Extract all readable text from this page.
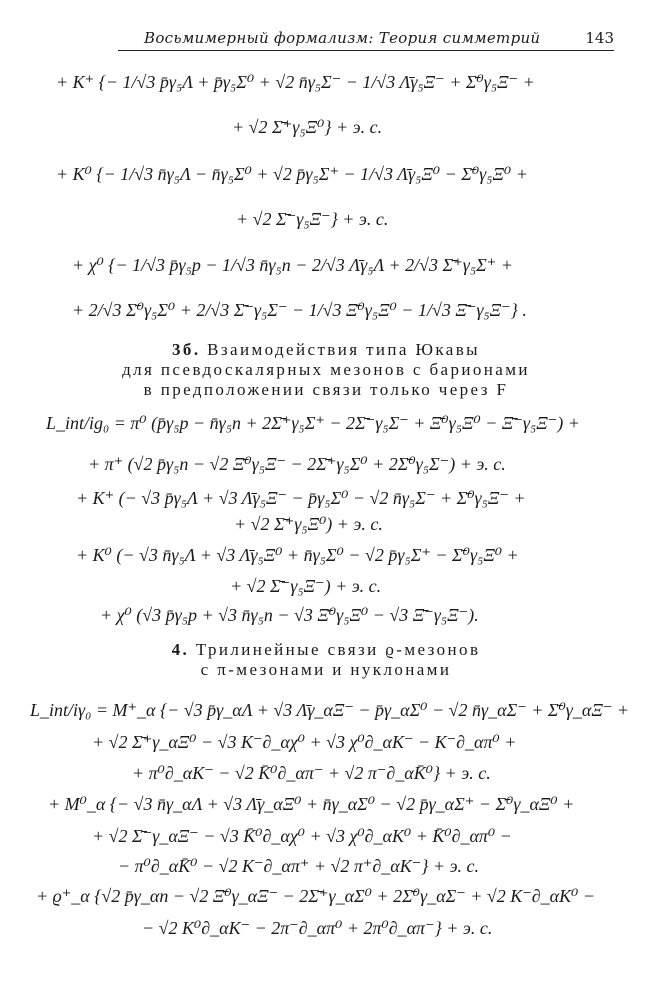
Восьмимерный формализм: Теория симметрий	143
+ K⁺ {− 1/√3 p̄γ₅Λ + p̄γ₅Σ⁰ + √2 n̄γ₅Σ⁻ − 1/√3 Λ̄γ₅Ξ⁻ + Σ̄⁰γ₅Ξ⁻ +
+ √2 Σ̄⁺γ₅Ξ⁰} + э. с.
+ K⁰ {− 1/√3 n̄γ₅Λ − n̄γ₅Σ⁰ + √2 p̄γ₅Σ⁺ − 1/√3 Λ̄γ₅Ξ⁰ − Σ̄⁰γ₅Ξ⁰ +
+ √2 Σ̄⁻γ₅Ξ⁻} + э. с.
+ χ⁰ {− 1/√3 p̄γ₅p − 1/√3 n̄γ₅n − 2/√3 Λ̄γ₅Λ + 2/√3 Σ̄⁺γ₅Σ⁺ +
+ 2/√3 Σ̄⁰γ₅Σ⁰ + 2/√3 Σ̄⁻γ₅Σ⁻ − 1/√3 Ξ̄⁰γ₅Ξ⁰ − 1/√3 Ξ̄⁻γ₅Ξ⁻} .
3б. Взаимодействия типа Юкавы
для псевдоскалярных мезонов с барионами
в предположении связи только через F
L_int/ig₀ = π⁰ (p̄γ₅p − n̄γ₅n + 2Σ̄⁺γ₅Σ⁺ − 2Σ̄⁻γ₅Σ⁻ + Ξ̄⁰γ₅Ξ⁰ − Ξ̄⁻γ₅Ξ⁻) +
+ π⁺ (√2 p̄γ₅n − √2 Ξ̄⁰γ₅Ξ⁻ − 2Σ̄⁺γ₅Σ⁰ + 2Σ̄⁰γ₅Σ⁻) + э. с.
+ K⁺ (− √3 p̄γ₅Λ + √3 Λ̄γ₅Ξ⁻ − p̄γ₅Σ⁰ − √2 n̄γ₅Σ⁻ + Σ̄⁰γ₅Ξ⁻ +
+ √2 Σ̄⁺γ₅Ξ⁰) + э. с.
+ K⁰ (− √3 n̄γ₅Λ + √3 Λ̄γ₅Ξ⁰ + n̄γ₅Σ⁰ − √2 p̄γ₅Σ⁺ − Σ̄⁰γ₅Ξ⁰ +
+ √2 Σ̄⁻γ₅Ξ⁻) + э. с.
+ χ⁰ (√3 p̄γ₅p + √3 n̄γ₅n − √3 Ξ̄⁰γ₅Ξ⁰ − √3 Ξ̄⁻γ₅Ξ⁻).
4. Трилинейные связи ϱ-мезонов
с π-мезонами и нуклонами
L_int/iγ₀ = M⁺_α {− √3 p̄γ_αΛ + √3 Λ̄γ_αΞ⁻ − p̄γ_αΣ⁰ − √2 n̄γ_αΣ⁻ + Σ̄⁰γ_αΞ⁻ +
+ √2 Σ̄⁺γ_αΞ⁰ − √3 K⁻∂_αχ⁰ + √3 χ⁰∂_αK⁻ − K⁻∂_απ⁰ +
+ π⁰∂_αK⁻ − √2 K̄⁰∂_απ⁻ + √2 π⁻∂_αK̄⁰} + э. с.
+ M⁰_α {− √3 n̄γ_αΛ + √3 Λ̄γ_αΞ⁰ + n̄γ_αΣ⁰ − √2 p̄γ_αΣ⁺ − Σ̄⁰γ_αΞ⁰ +
+ √2 Σ̄⁻γ_αΞ⁻ − √3 K̄⁰∂_αχ⁰ + √3 χ⁰∂_αK⁰ + K̄⁰∂_απ⁰ −
− π⁰∂_αK̄⁰ − √2 K⁻∂_απ⁺ + √2 π⁺∂_αK⁻} + э. с.
+ ϱ⁺_α {√2 p̄γ_αn − √2 Ξ̄⁰γ_αΞ⁻ − 2Σ̄⁺γ_αΣ⁰ + 2Σ̄⁰γ_αΣ⁻ + √2 K⁻∂_αK⁰ −
− √2 K⁰∂_αK⁻ − 2π⁻∂_απ⁰ + 2π⁰∂_απ⁻} + э. с.
